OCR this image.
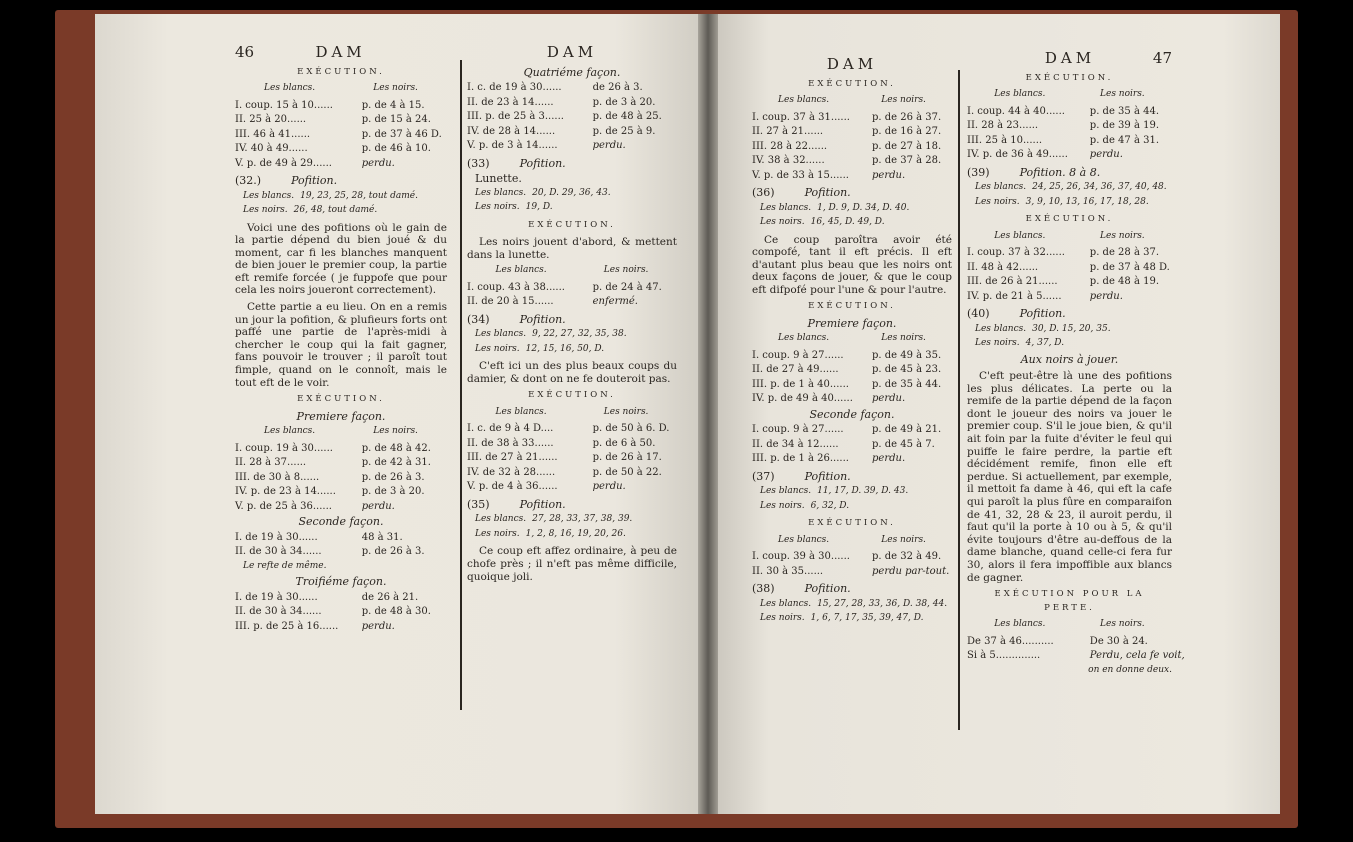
46	DAM
EXÉCUTION.
Les blancs.	Les noirs.
I. coup. 15 à 10......	p. de 4 à 15.
II. 25 à 20......	p. de 15 à 24.
III. 46 à 41......	p. de 37 à 46 D.
IV. 40 à 49......	p. de 46 à 10.
V. p. de 49 à 29......	perdu.
(32.)	Pofition.
Les blancs. 19, 23, 25, 28, tout damé.
Les noirs. 26, 48, tout damé.

Voici une des pofitions où le gain de la partie dépend du bien joué & du moment, car fi les blanches manquent de bien jouer le premier coup, la partie eft remife forcée ( je fuppofe que pour cela les noirs joueront correctement).

Cette partie a eu lieu. On en a remis un jour la pofition, & plufieurs forts ont paffé une partie de l'après-midi à chercher le coup qui la fait gagner, fans pouvoir le trouver ; il paroît tout fimple, quand on le connoît, mais le tout eft de le voir.

EXÉCUTION.
Premiere façon.
Les blancs.	Les noirs.
I. coup. 19 à 30......	p. de 48 à 42.
II. 28 à 37......	p. de 42 à 31.
III. de 30 à 8......	p. de 26 à 3.
IV. p. de 23 à 14......	p. de 3 à 20.
V. p. de 25 à 36......	perdu.
Seconde façon.
I. de 19 à 30......	48 à 31.
II. de 30 à 34......	p. de 26 à 3.
Le refte de même.
Troifiéme façon.
I. de 19 à 30......	de 26 à 21.
II. de 30 à 34......	p. de 48 à 30.
III. p. de 25 à 16......	perdu.
DAM
Quatriéme façon.
I. c. de 19 à 30......	de 26 à 3.
II. de 23 à 14......	p. de 3 à 20.
III. p. de 25 à 3......	p. de 48 à 25.
IV. de 28 à 14......	p. de 25 à 9.
V. p. de 3 à 14......	perdu.
(33)	Pofition.
Lunette.
Les blancs. 20, D. 29, 36, 43.
Les noirs. 19, D.
EXÉCUTION.

Les noirs jouent d'abord, & mettent dans la lunette.

Les blancs.	Les noirs.
I. coup. 43 à 38......	p. de 24 à 47.
II. de 20 à 15......	enfermé.
(34)	Pofition.
Les blancs. 9, 22, 27, 32, 35, 38.
Les noirs. 12, 15, 16, 50, D.

C'eft ici un des plus beaux coups du damier, & dont on ne fe douteroit pas.

EXÉCUTION.
Les blancs.	Les noirs.
I. c. de 9 à 4 D....	p. de 50 à 6. D.
II. de 38 à 33......	p. de 6 à 50.
III. de 27 à 21......	p. de 26 à 17.
IV. de 32 à 28......	p. de 50 à 22.
V. p. de 4 à 36......	perdu.
(35)	Pofition.
Les blancs. 27, 28, 33, 37, 38, 39.
Les noirs. 1, 2, 8, 16, 19, 20, 26.

Ce coup eft affez ordinaire, à peu de chofe près ; il n'eft pas même difficile, quoique joli.

DAM
EXÉCUTION.
Les blancs.	Les noirs.
I. coup. 37 à 31......	p. de 26 à 37.
II. 27 à 21......	p. de 16 à 27.
III. 28 à 22......	p. de 27 à 18.
IV. 38 à 32......	p. de 37 à 28.
V. p. de 33 à 15......	perdu.
(36)	Pofition.
Les blancs. 1, D. 9, D. 34, D. 40.
Les noirs. 16, 45, D. 49, D.

Ce coup paroîtra avoir été compofé, tant il eft précis. Il eft d'autant plus beau que les noirs ont deux façons de jouer, & que le coup eft difpofé pour l'une & pour l'autre.

EXÉCUTION.
Premiere façon.
Les blancs.	Les noirs.
I. coup. 9 à 27......	p. de 49 à 35.
II. de 27 à 49......	p. de 45 à 23.
III. p. de 1 à 40......	p. de 35 à 44.
IV. p. de 49 à 40......	perdu.
Seconde façon.
I. coup. 9 à 27......	p. de 49 à 21.
II. de 34 à 12......	p. de 45 à 7.
III. p. de 1 à 26......	perdu.
(37)	Pofition.
Les blancs. 11, 17, D. 39, D. 43.
Les noirs. 6, 32, D.
EXÉCUTION.
Les blancs.	Les noirs.
I. coup. 39 à 30......	p. de 32 à 49.
II. 30 à 35......	perdu par-tout.
(38)	Pofition.
Les blancs. 15, 27, 28, 33, 36, D. 38, 44.
Les noirs. 1, 6, 7, 17, 35, 39, 47, D.
DAM	47
EXÉCUTION.
Les blancs.	Les noirs.
I. coup. 44 à 40......	p. de 35 à 44.
II. 28 à 23......	p. de 39 à 19.
III. 25 à 10......	p. de 47 à 31.
IV. p. de 36 à 49......	perdu.
(39)	Pofition. 8 à 8.
Les blancs. 24, 25, 26, 34, 36, 37, 40, 48.
Les noirs. 3, 9, 10, 13, 16, 17, 18, 28.
EXÉCUTION.
Les blancs.	Les noirs.
I. coup. 37 à 32......	p. de 28 à 37.
II. 48 à 42......	p. de 37 à 48 D.
III. de 26 à 21......	p. de 48 à 19.
IV. p. de 21 à 5......	perdu.
(40)	Pofition.
Les blancs. 30, D. 15, 20, 35.
Les noirs. 4, 37, D.
Aux noirs à jouer.

C'eft peut-être là une des pofitions les plus délicates. La perte ou la remife de la partie dépend de la façon dont le joueur des noirs va jouer le premier coup. S'il le joue bien, & qu'il ait foin par la fuite d'éviter le feul qui puiffe le faire perdre, la partie eft décidément remife, finon elle eft perdue. Si actuellement, par exemple, il mettoit fa dame à 46, qui eft la cafe qui paroît la plus fûre en comparaifon de 41, 32, 28 & 23, il auroit perdu, il faut qu'il la porte à 10 ou à 5, & qu'il évite toujours d'être au-deffous de la dame blanche, quand celle-ci fera fur 30, alors il fera impoffible aux blancs de gagner.

EXÉCUTION POUR LA PERTE.
Les blancs.	Les noirs.
De 37 à 46..........	De 30 à 24.
Si à 5..............	Perdu, cela fe voit,
on en donne deux.
